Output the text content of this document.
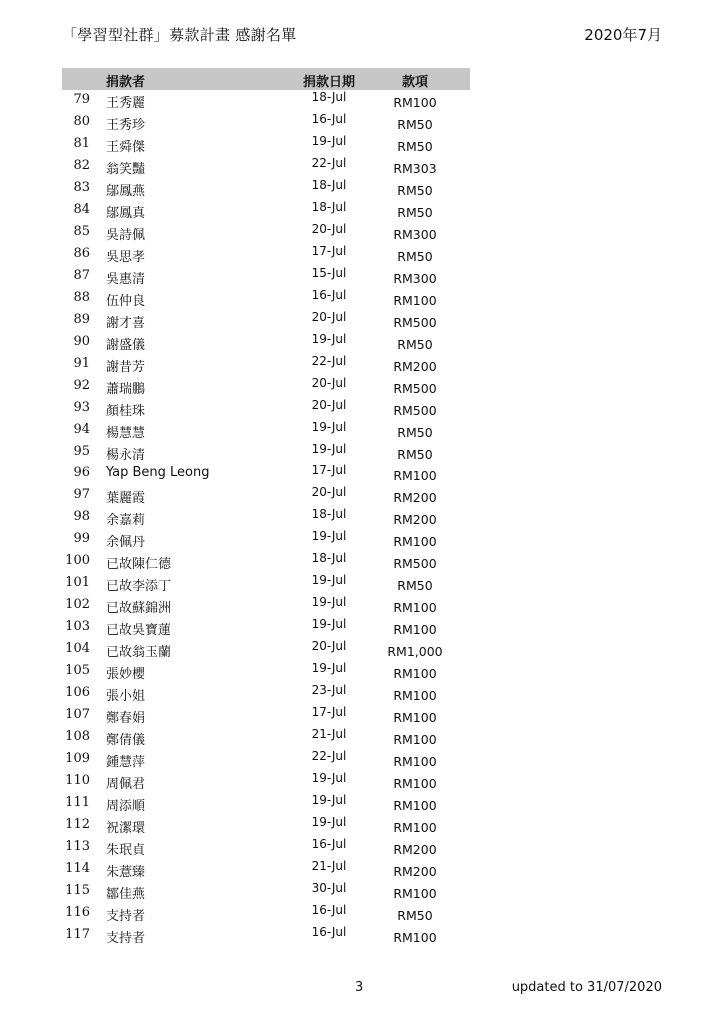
「學習型社群」募款計畫 感謝名單	2020年7月
捐款者	捐款日期	款項
79 王秀麗	18-Jul	RM100
80 王秀珍	16-Jul	RM50
81 王舜傑	19-Jul	RM50
82 翁笑豔	22-Jul	RM303
83 鄔鳳燕	18-Jul	RM50
84 鄔鳳真	18-Jul	RM50
85 吳詩佩	20-Jul	RM300
86 吳思孝	17-Jul	RM50
87 吳惠清	15-Jul	RM300
88 伍仲良	16-Jul	RM100
89 謝才喜	20-Jul	RM500
90 謝盛儀	19-Jul	RM50
91 謝昔芳	22-Jul	RM200
92 蕭瑞鵬	20-Jul	RM500
93 顏桂珠	20-Jul	RM500
94 楊慧慧	19-Jul	RM50
95 楊永清	19-Jul	RM50
96 Yap Beng Leong	17-Jul	RM100
97 葉麗霞	20-Jul	RM200
98 余嘉莉	18-Jul	RM200
99 余佩丹	19-Jul	RM100
100 已故陳仁德	18-Jul	RM500
101 已故李添丁	19-Jul	RM50
102 已故蘇錦洲	19-Jul	RM100
103 已故吳寶蓮	19-Jul	RM100
104 已故翁玉蘭	20-Jul	RM1,000
105 張妙櫻	19-Jul	RM100
106 張小姐	23-Jul	RM100
107 鄭春娟	17-Jul	RM100
108 鄭倩儀	21-Jul	RM100
109 鍾慧萍	22-Jul	RM100
110 周佩君	19-Jul	RM100
111 周添順	19-Jul	RM100
112 祝潔環	19-Jul	RM100
113 朱珉貞	16-Jul	RM200
114 朱薏臻	21-Jul	RM200
115 鄒佳燕	30-Jul	RM100
116 支持者	16-Jul	RM50
117 支持者	16-Jul	RM100
3	updated to 31/07/2020
